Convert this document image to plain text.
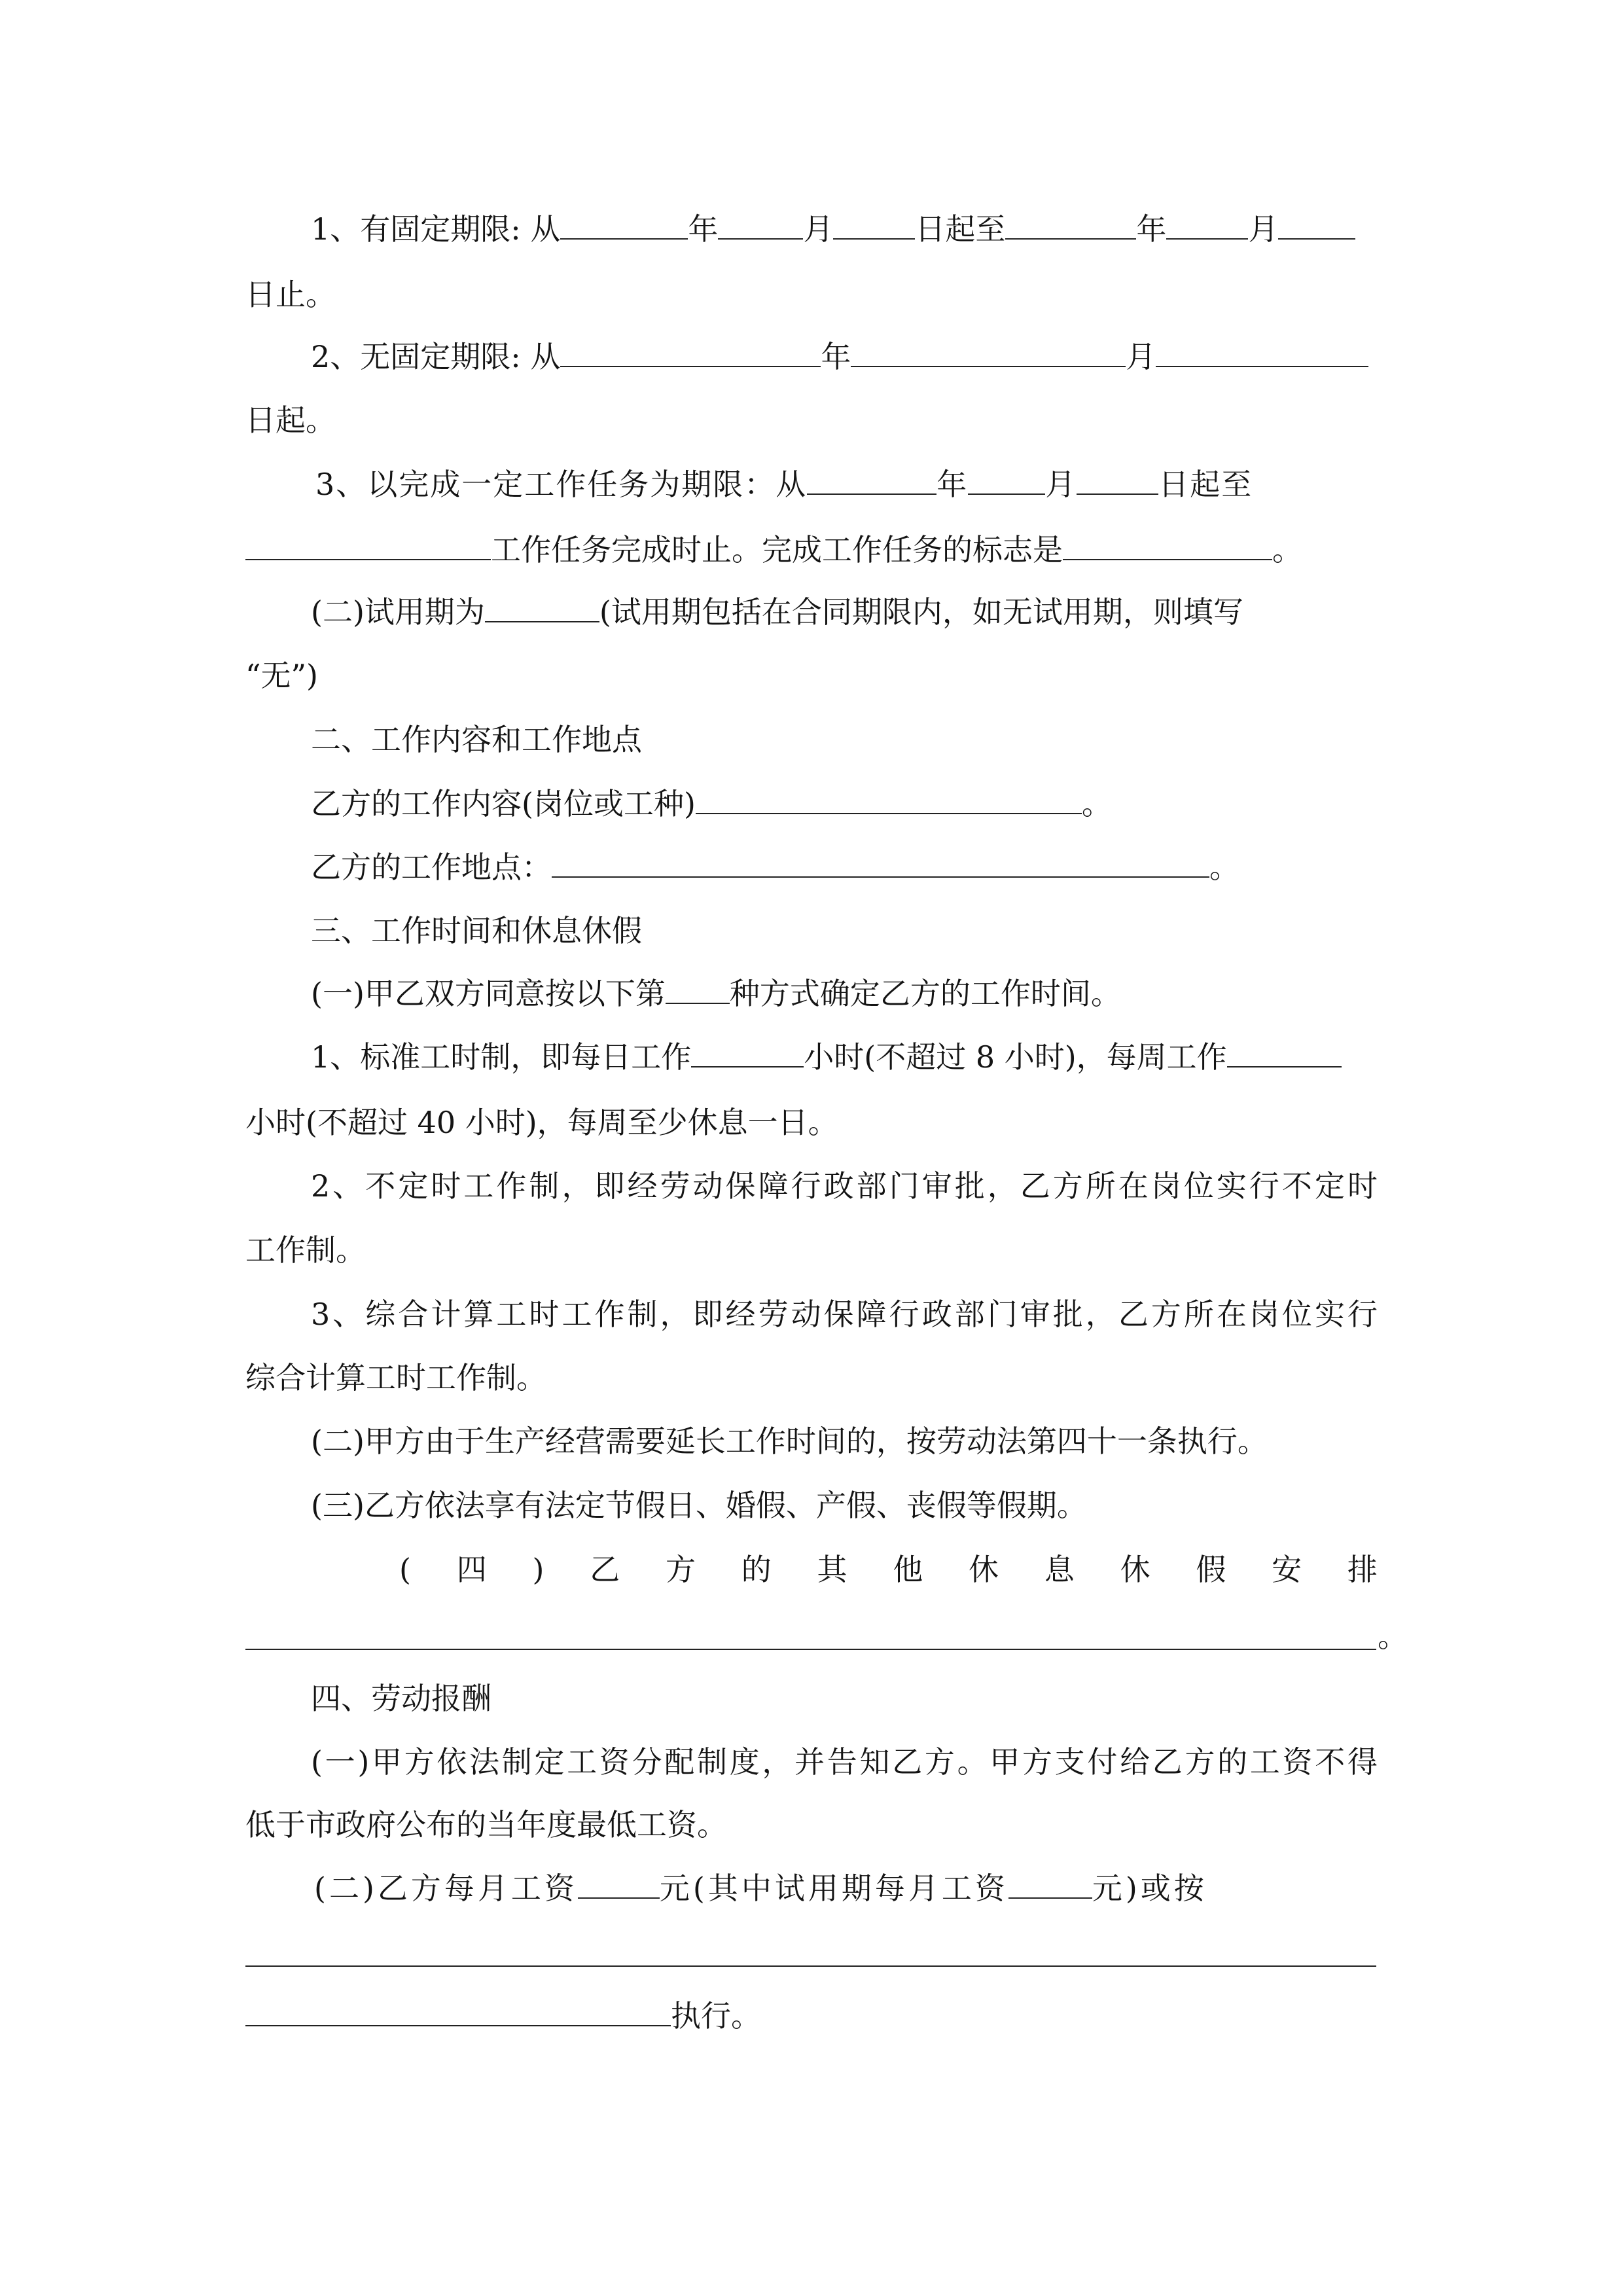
1、有固定期限: 从	年	月	日起至	年	月
日止。
2、无固定期限: 从	年	月
日起。
3、以完成一定工作任务为期限：从	年	月	日起至
工作任务完成时止。完成工作任务的标志是	。
(二)试用期为	(试用期包括在合同期限内，如无试用期，则填写
“无”)
二、工作内容和工作地点
乙方的工作内容(岗位或工种)	。
乙方的工作地点：	。
三、工作时间和休息休假
(一)甲乙双方同意按以下第 种方式确定乙方的工作时间。
1、标准工时制，即每日工作	小时(不超过 8 小时)，每周工作
小时(不超过 40 小时)，每周至少休息一日。
2、不定时工作制，即经劳动保障行政部门审批，乙方所在岗位实行不定时
工作制。
3、综合计算工时工作制，即经劳动保障行政部门审批，乙方所在岗位实行
综合计算工时工作制。
(二)甲方由于生产经营需要延长工作时间的，按劳动法第四十一条执行。
(三)乙方依法享有法定节假日、婚假、产假、丧假等假期。
( 四 ) 乙 方 的 其 他 休 息 休 假 安 排
。
四、劳动报酬
(一)甲方依法制定工资分配制度，并告知乙方。甲方支付给乙方的工资不得
低于市政府公布的当年度最低工资。
(二)乙方每月工资	元(其中试用期每月工资	元)或按
执行。
